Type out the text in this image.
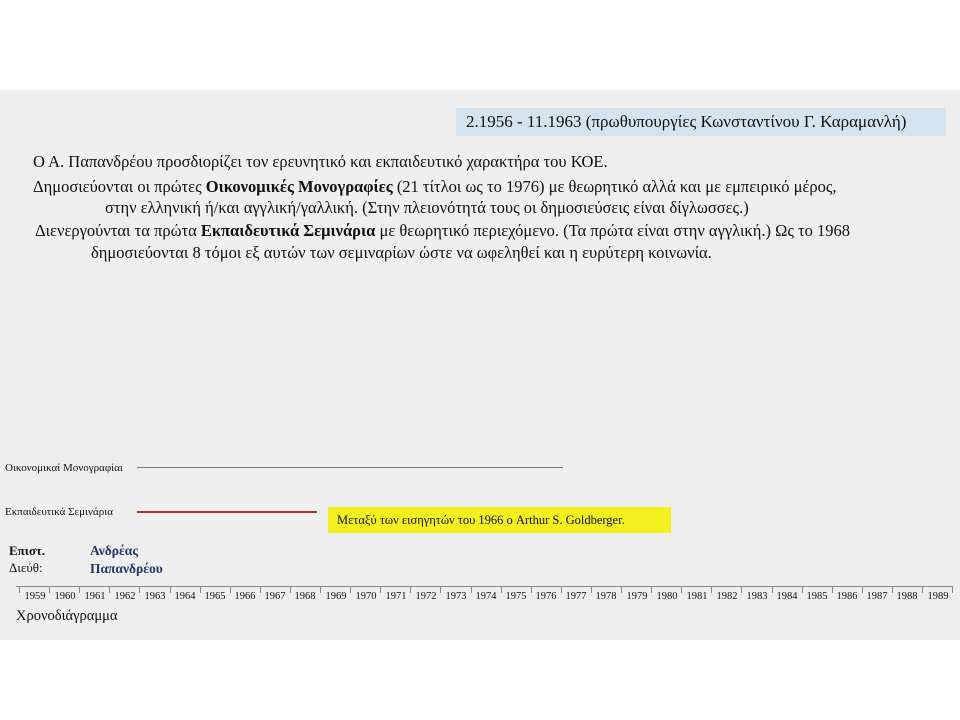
2.1956 - 11.1963 (πρωθυπουργίες Κωνσταντίνου Γ. Καραμανλή)
Ο Α. Παπανδρέου προσδιορίζει τον ερευνητικό και εκπαιδευτικό χαρακτήρα του ΚΟΕ.
Δημοσιεύονται οι πρώτες Οικονομικές Μονογραφίες (21 τίτλοι ως το 1976) με θεωρητικό αλλά και με εμπειρικό μέρος,
στην ελληνική ή/και αγγλική/γαλλική. (Στην πλειονότητά τους οι δημοσιεύσεις είναι δίγλωσσες.)
Διενεργούνται τα πρώτα Εκπαιδευτικά Σεμινάρια με θεωρητικό περιεχόμενο. (Τα πρώτα είναι στην αγγλική.) Ως το 1968
δημοσιεύονται 8 τόμοι εξ αυτών των σεμιναρίων ώστε να ωφεληθεί και η ευρύτερη κοινωνία.
Οικονομικαί Μονογραφίαι
Εκπαιδευτικά Σεμινάρια
Μεταξύ των εισηγητών του 1966 ο Arthur S. Goldberger.
Επιστ.
Διεύθ:
Ανδρέας
Παπανδρέου
1959 1960 1961 1962 1963 1964 1965 1966 1967 1968 1969 1970 1971 1972 1973 1974 1975 1976 1977 1978 1979 1980 1981 1982 1983 1984 1985 1986 1987 1988 1989
Χρονοδιάγραμμα
